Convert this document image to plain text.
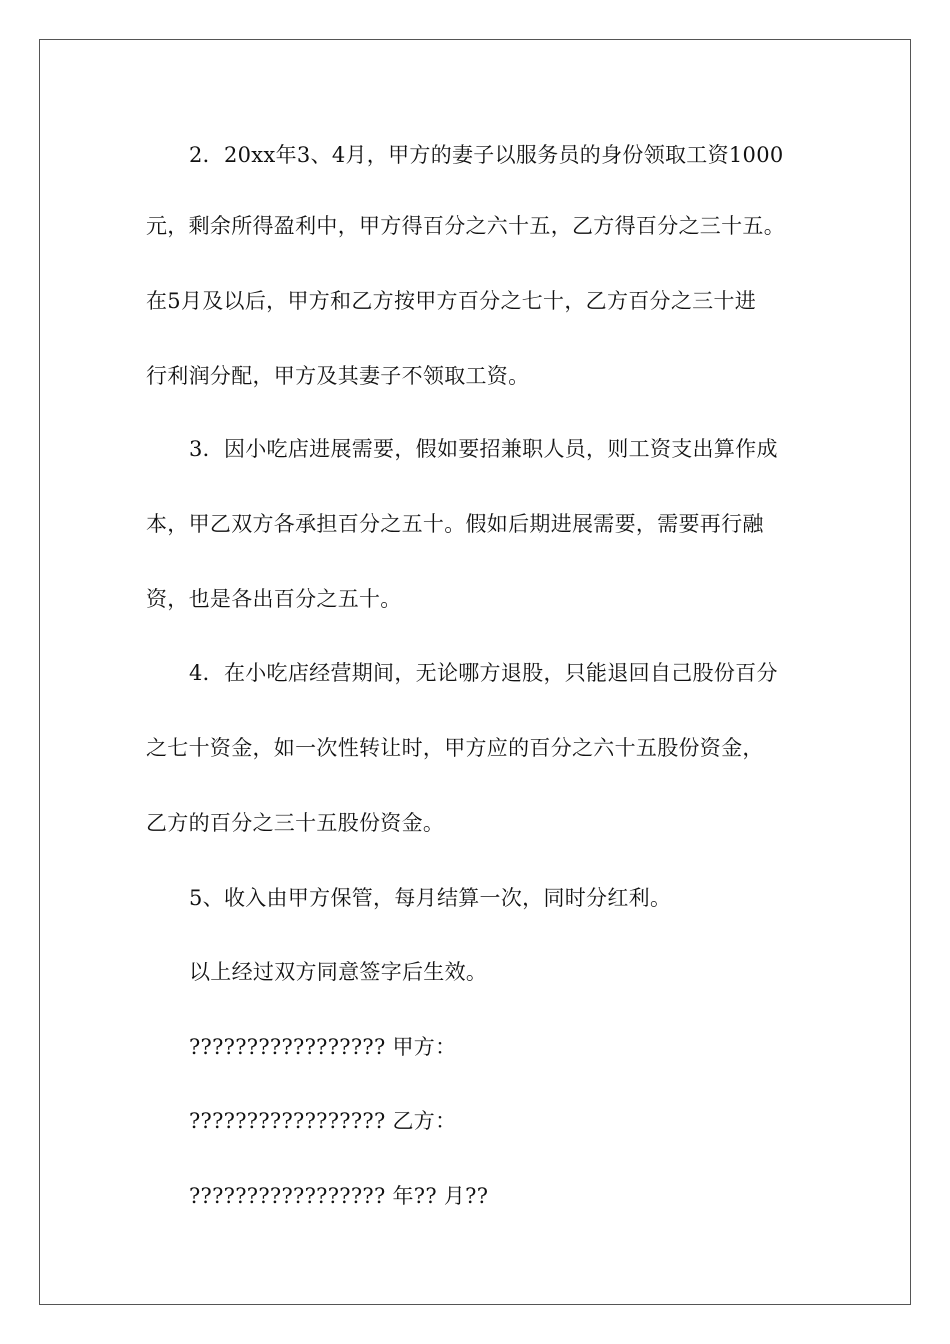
2．20xx年3、4月，甲方的妻子以服务员的身份领取工资1000
元，剩余所得盈利中，甲方得百分之六十五，乙方得百分之三十五。
在5月及以后，甲方和乙方按甲方百分之七十，乙方百分之三十进
行利润分配，甲方及其妻子不领取工资。
3．因小吃店进展需要，假如要招兼职人员，则工资支出算作成
本，甲乙双方各承担百分之五十。假如后期进展需要，需要再行融
资，也是各出百分之五十。
4．在小吃店经营期间，无论哪方退股，只能退回自己股份百分
之七十资金，如一次性转让时，甲方应的百分之六十五股份资金，
乙方的百分之三十五股份资金。
5、收入由甲方保管，每月结算一次，同时分红利。
以上经过双方同意签字后生效。
????????????????? 甲方：
????????????????? 乙方：
????????????????? 年?? 月??
